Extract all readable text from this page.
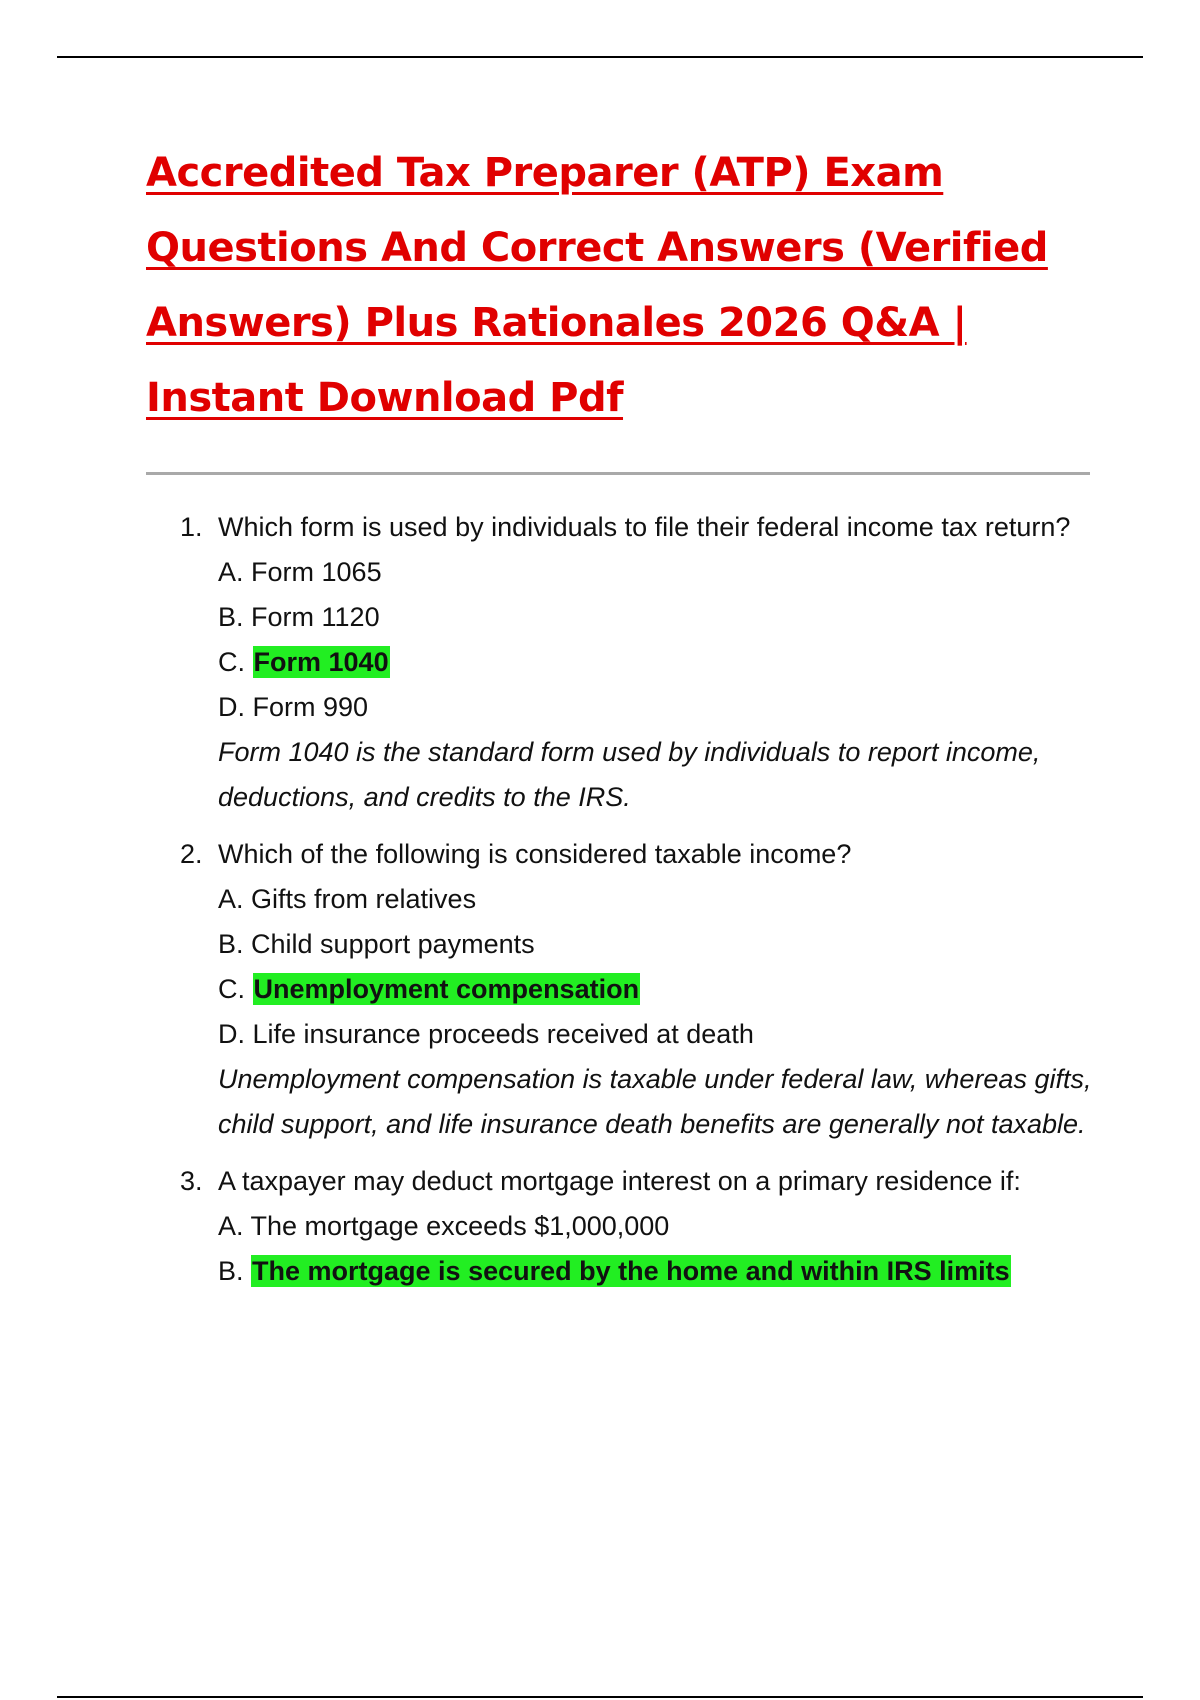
Accredited Tax Preparer (ATP) Exam Questions And Correct Answers (Verified Answers) Plus Rationales 2026 Q&A | Instant Download Pdf
1. Which form is used by individuals to file their federal income tax return?

A. Form 1065

B. Form 1120

C. Form 1040

D. Form 990

Form 1040 is the standard form used by individuals to report income, deductions, and credits to the IRS.

2. Which of the following is considered taxable income?

A. Gifts from relatives

B. Child support payments

C. Unemployment compensation

D. Life insurance proceeds received at death

Unemployment compensation is taxable under federal law, whereas gifts, child support, and life insurance death benefits are generally not taxable.

3. A taxpayer may deduct mortgage interest on a primary residence if:

A. The mortgage exceeds $1,000,000

B. The mortgage is secured by the home and within IRS limits
